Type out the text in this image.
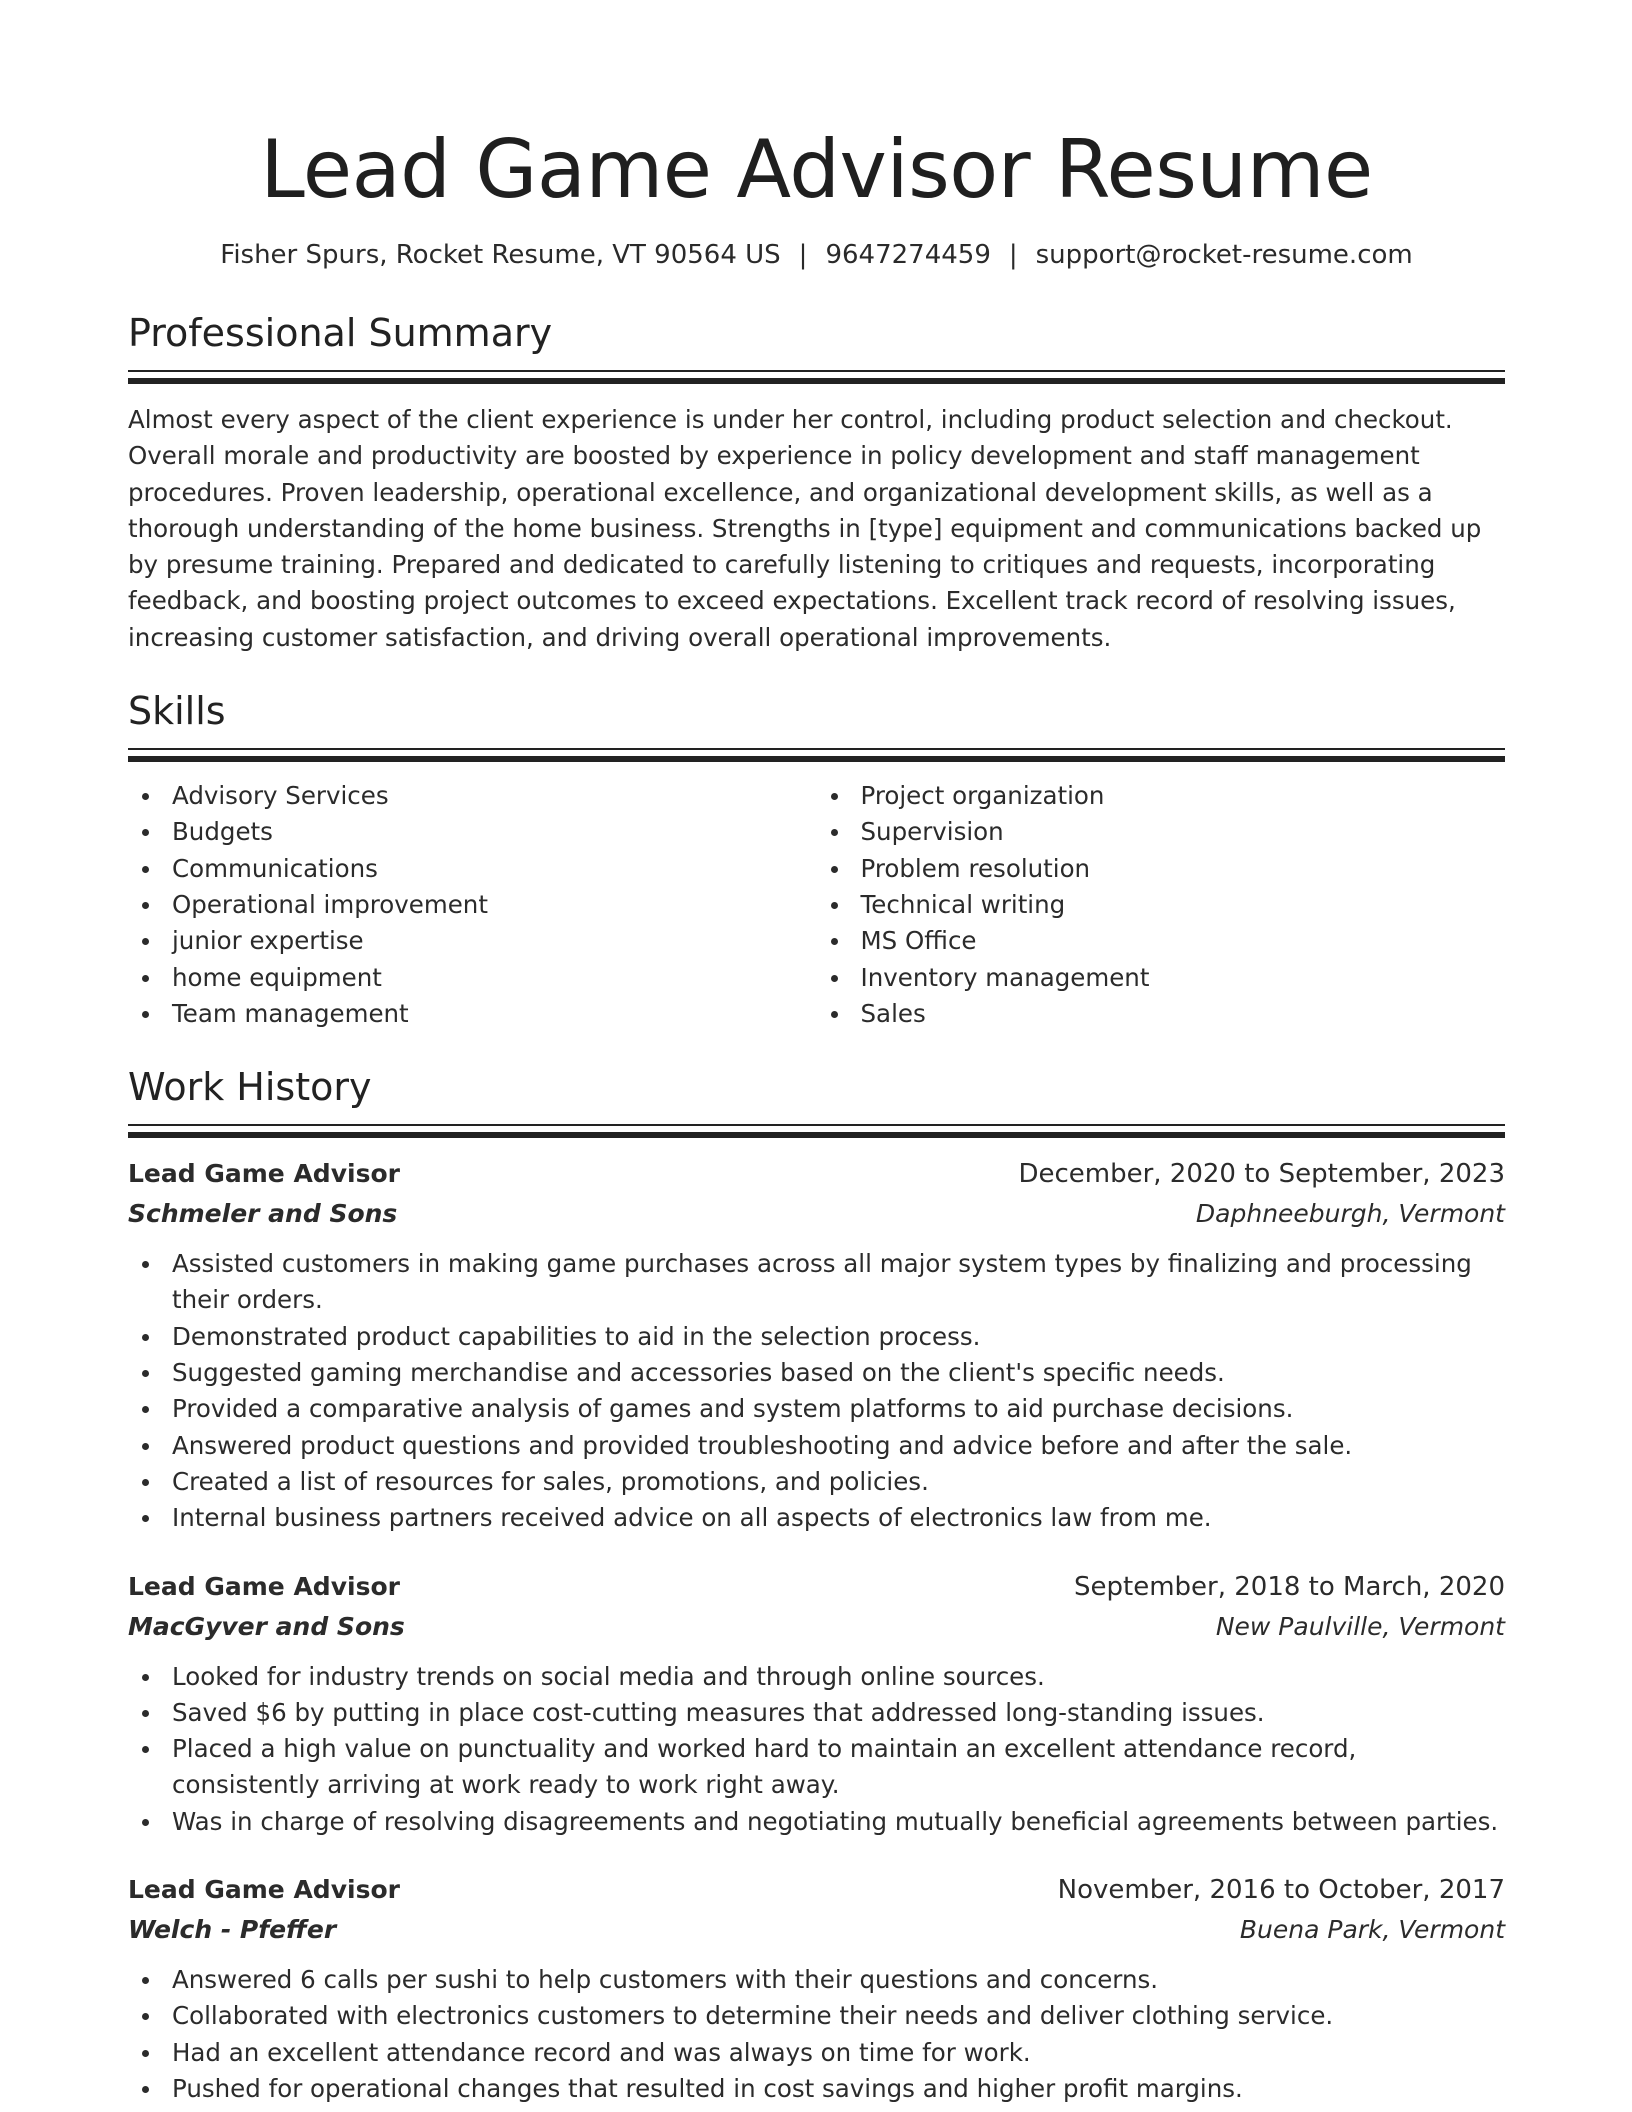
Lead Game Advisor Resume
Fisher Spurs, Rocket Resume, VT 90564 US | 9647274459 | support@rocket-resume.com
Professional Summary

Almost every aspect of the client experience is under her control, including product selection and checkout. Overall morale and productivity are boosted by experience in policy development and staff management procedures. Proven leadership, operational excellence, and organizational development skills, as well as a thorough understanding of the home business. Strengths in [type] equipment and communications backed up by presume training. Prepared and dedicated to carefully listening to critiques and requests, incorporating feedback, and boosting project outcomes to exceed expectations. Excellent track record of resolving issues, increasing customer satisfaction, and driving overall operational improvements.

Skills
Advisory Services
Budgets
Communications
Operational improvement
junior expertise
home equipment
Team management
Project organization
Supervision
Problem resolution
Technical writing
MS Office
Inventory management
Sales
Work History
Lead Game Advisor	December, 2020 to September, 2023
Schmeler and Sons	Daphneeburgh, Vermont
Assisted customers in making game purchases across all major system types by finalizing and processing their orders.
Demonstrated product capabilities to aid in the selection process.
Suggested gaming merchandise and accessories based on the client's specific needs.
Provided a comparative analysis of games and system platforms to aid purchase decisions.
Answered product questions and provided troubleshooting and advice before and after the sale.
Created a list of resources for sales, promotions, and policies.
Internal business partners received advice on all aspects of electronics law from me.
Lead Game Advisor	September, 2018 to March, 2020
MacGyver and Sons	New Paulville, Vermont
Looked for industry trends on social media and through online sources.
Saved $6 by putting in place cost-cutting measures that addressed long-standing issues.
Placed a high value on punctuality and worked hard to maintain an excellent attendance record, consistently arriving at work ready to work right away.
Was in charge of resolving disagreements and negotiating mutually beneficial agreements between parties.
Lead Game Advisor	November, 2016 to October, 2017
Welch - Pfeffer	Buena Park, Vermont
Answered 6 calls per sushi to help customers with their questions and concerns.
Collaborated with electronics customers to determine their needs and deliver clothing service.
Had an excellent attendance record and was always on time for work.
Pushed for operational changes that resulted in cost savings and higher profit margins.
